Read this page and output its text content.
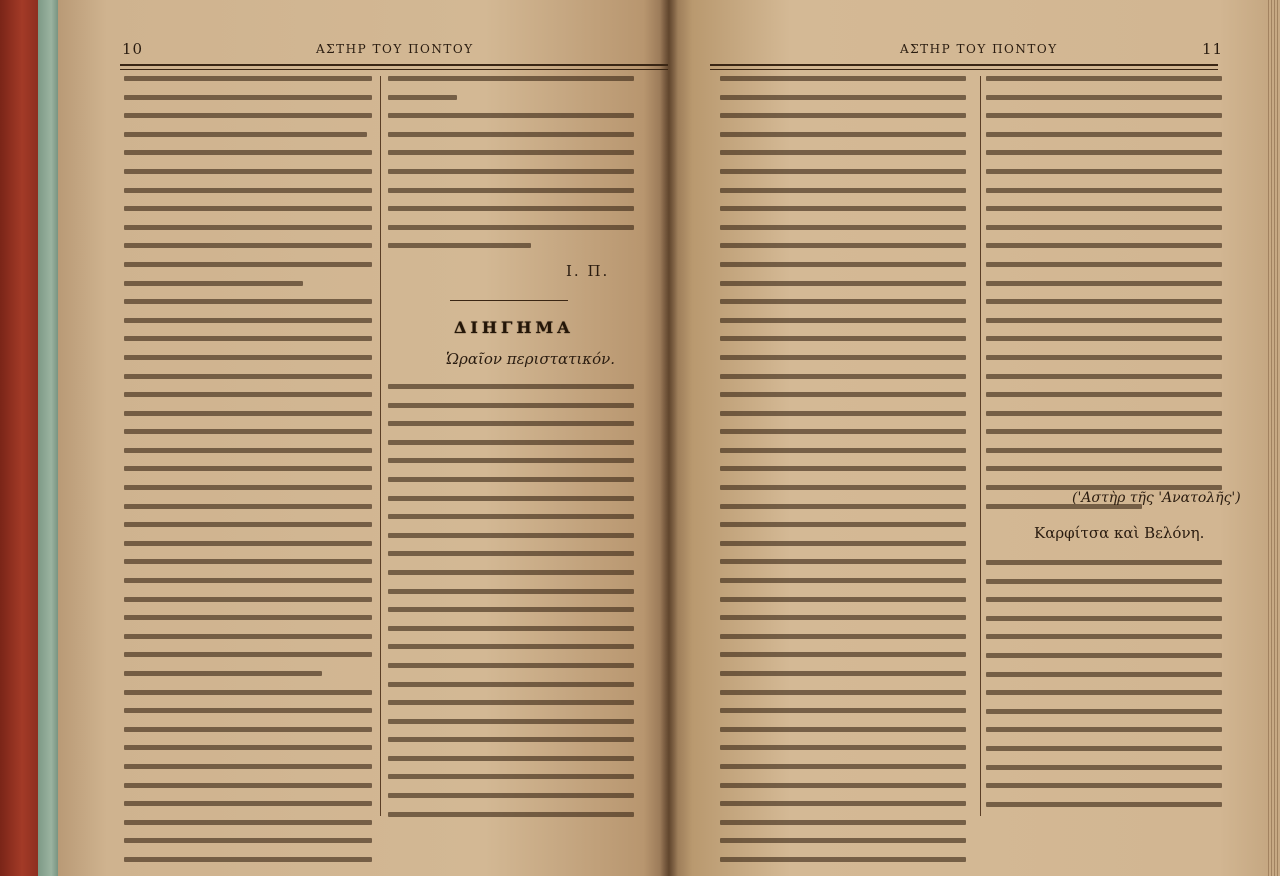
10	ΑΣΤΗΡ ΤΟΥ ΠΟΝΤΟΥ
Ι. Π.
ΔΙΗΓΗΜΑ
Ὡραῖον περιστατικόν.
ΑΣΤΗΡ ΤΟΥ ΠΟΝΤΟΥ	11
('Αστὴρ τῆς 'Ανατολῆς')
Καρφίτσα καὶ Βελόνη.
